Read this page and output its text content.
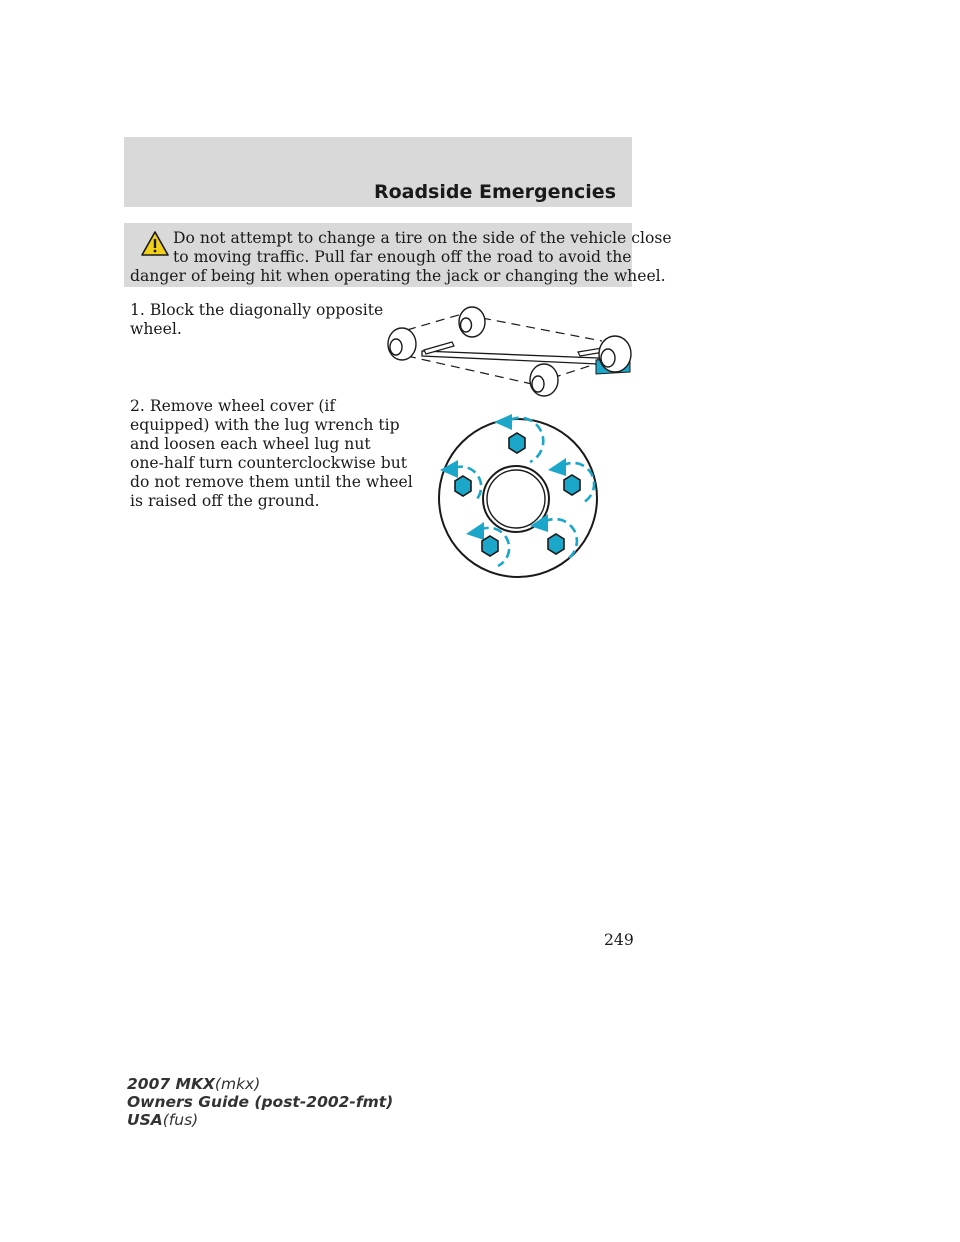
Roadside Emergencies
Do not attempt to change a tire on the side of the vehicle close
to moving traffic. Pull far enough off the road to avoid the
danger of being hit when operating the jack or changing the wheel.
1. Block the diagonally opposite
wheel.
2. Remove wheel cover (if
equipped) with the lug wrench tip
and loosen each wheel lug nut
one-half turn counterclockwise but
do not remove them until the wheel
is raised off the ground.
249
2007 MKX(mkx)
Owners Guide (post-2002-fmt)
USA(fus)
